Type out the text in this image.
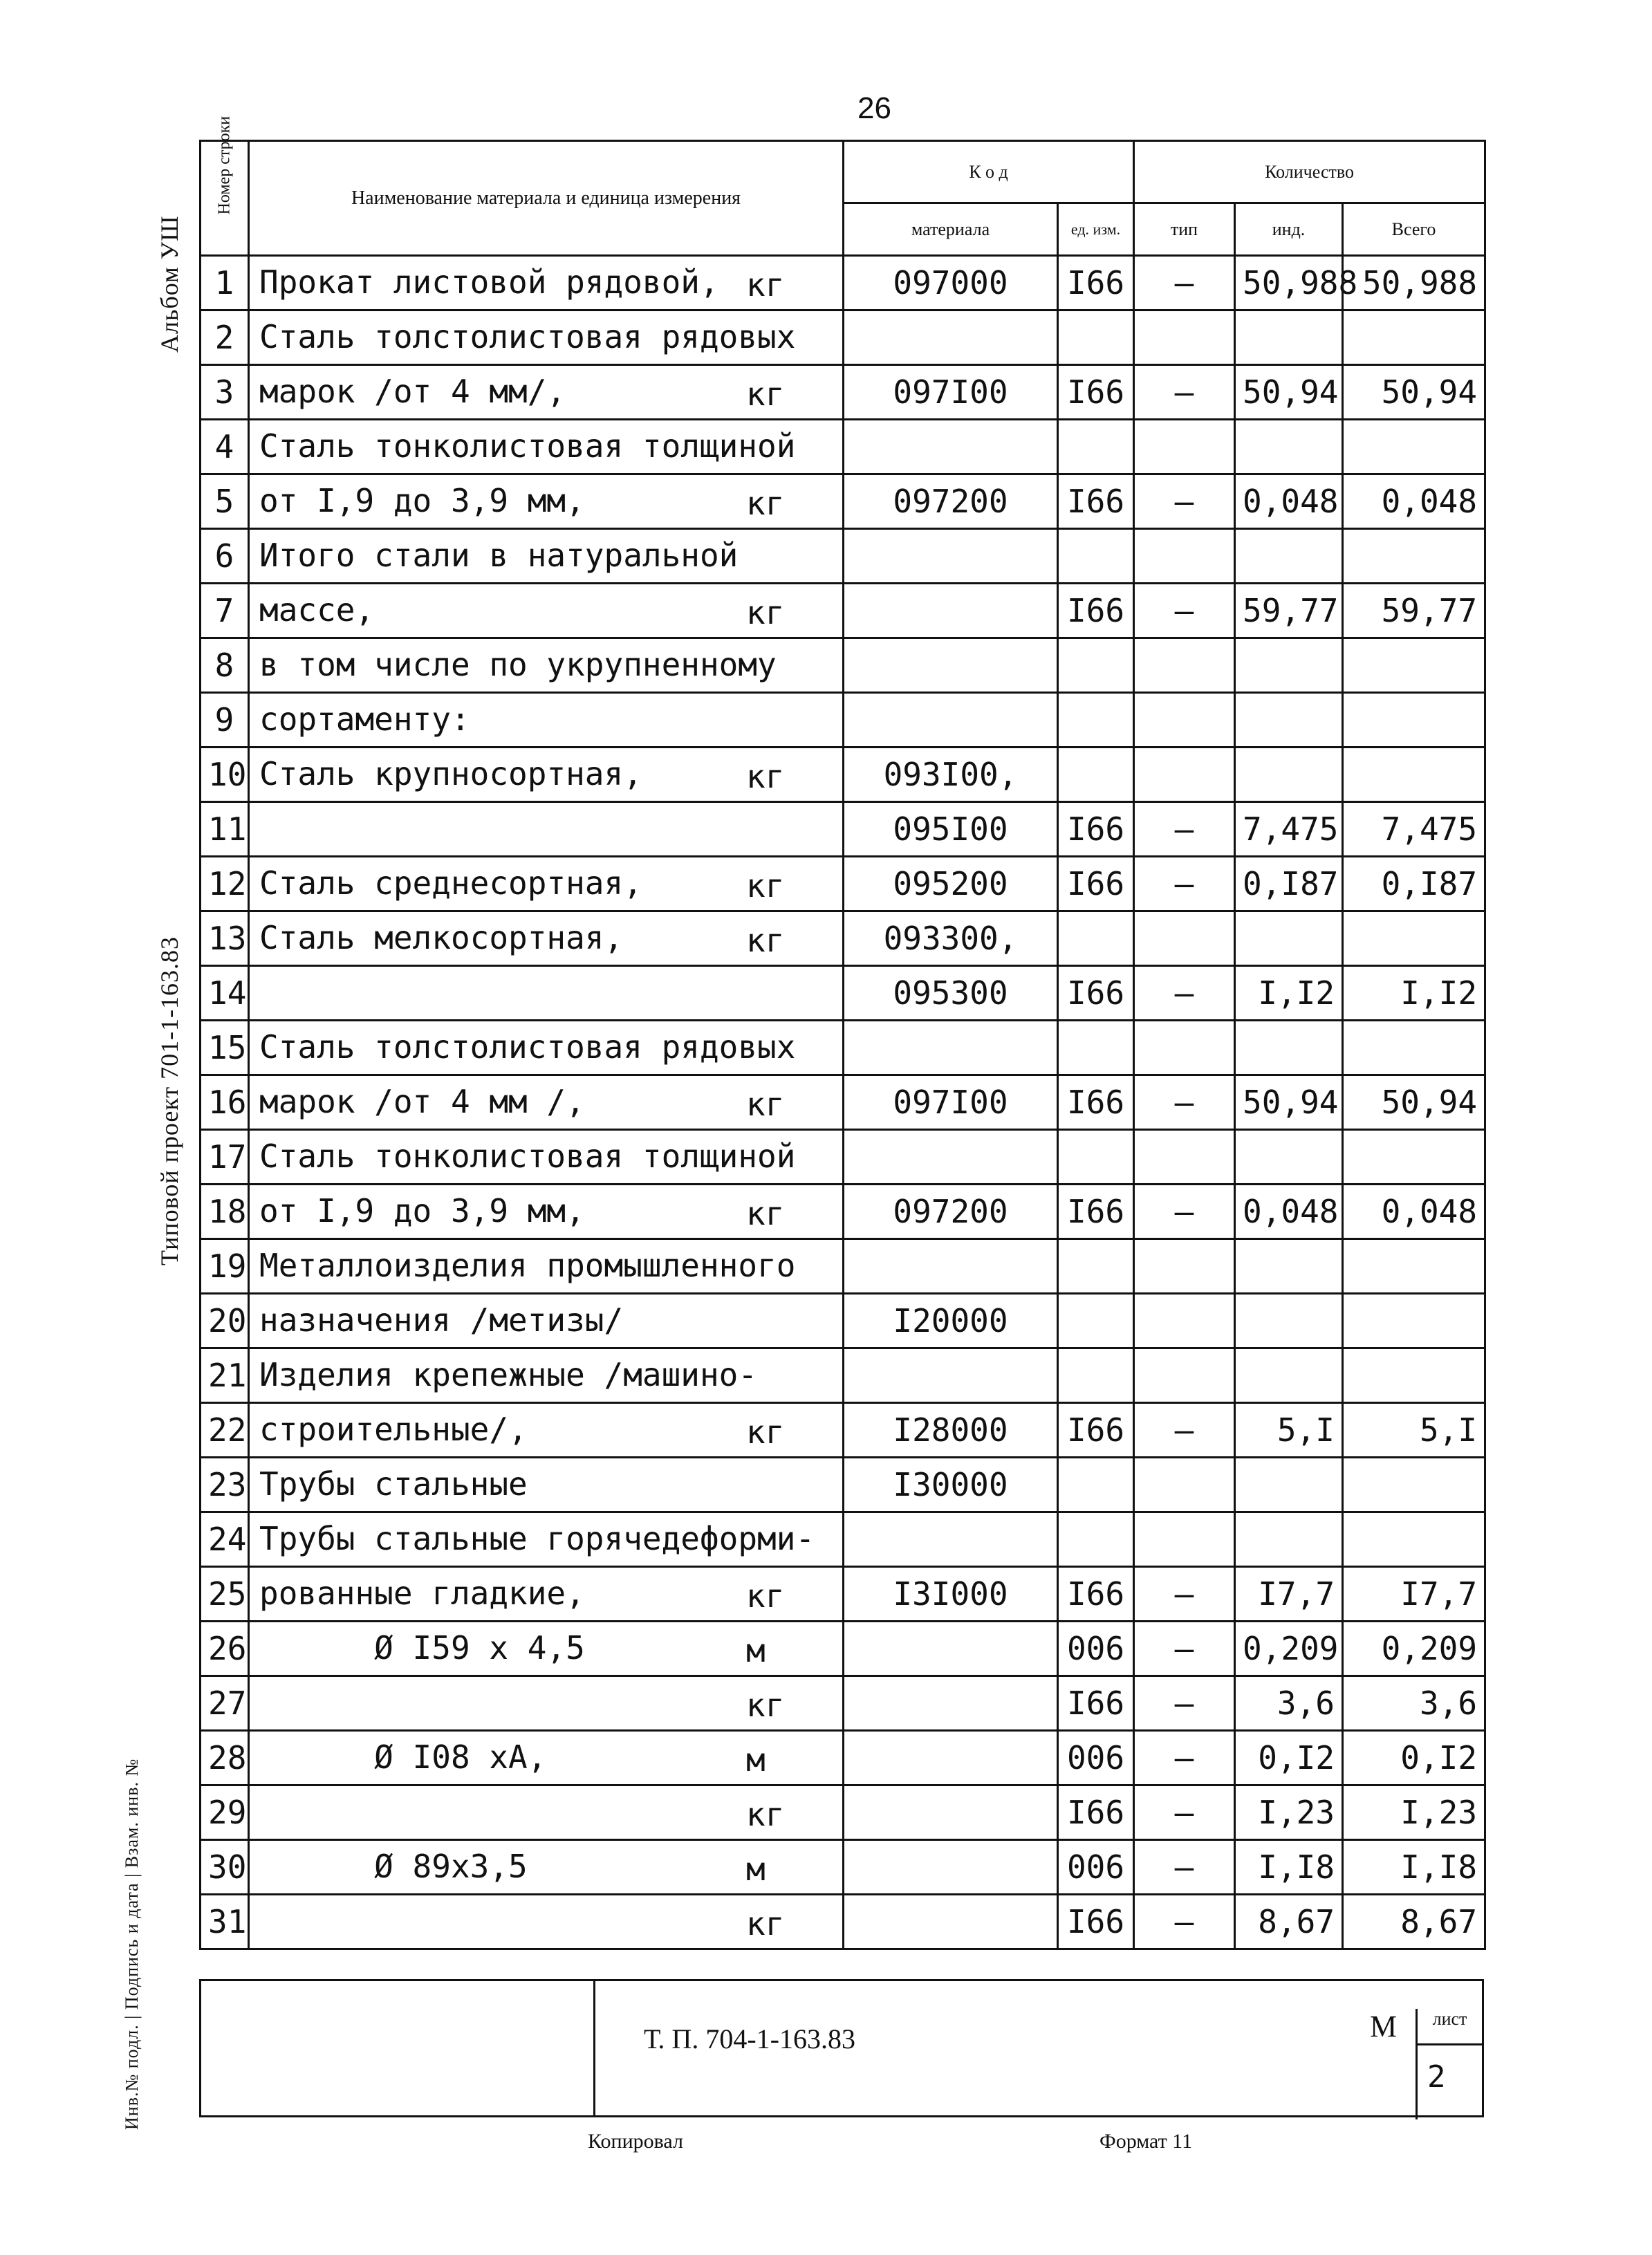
26
Альбом УШ
Типовой проект 701-1-163.83
Инв.№ подл. | Подпись и дата | Взам. инв. №
Номер строки	Наименование материала и единица измерения	К о д		Количество		
		материала	ед. изм.	тип	инд.	Всего
1	Прокат листовой рядовой, кг	097000	I66	–	50,988	50,988
2	Сталь толстолистовая рядовых					

3	марок /от 4 мм/, кг	097I00	I66	–	50,94	50,94
4	Сталь тонколистовая толщиной					

5	от I,9 до 3,9 мм, кг	097200	I66	–	0,048	0,048
6	Итого стали в натуральной					

7	массе, кг		I66	–	59,77	59,77
8	в том числе по укрупненному					

9	сортаменту:					

10	Сталь крупносортная, кг	093I00,				
11		095I00	I66	–	7,475	7,475
12	Сталь среднесортная, кг	095200	I66	–	0,I87	0,I87
13	Сталь мелкосортная, кг	093300,				
14		095300	I66	–	I,I2	I,I2
15	Сталь толстолистовая рядовых					

16	марок /от 4 мм /, кг	097I00	I66	–	50,94	50,94
17	Сталь тонколистовая толщиной					

18	от I,9 до 3,9 мм, кг	097200	I66	–	0,048	0,048
19	Металлоизделия промышленного					

20	назначения /метизы/	I20000				
21	Изделия крепежные /машино-					

22	строительные/, кг	I28000	I66	–	5,I	5,I
23	Трубы стальные	I30000				
24	Трубы стальные горячедеформи-					

25	рованные гладкие, кг	I3I000	I66	–	I7,7	I7,7
26	Ø I59 x 4,5 м		006	–	0,209	0,209
27	кг		I66	–	3,6	3,6
28	Ø I08 xA, м		006	–	0,I2	0,I2
29	кг		I66	–	I,23	I,23
30	Ø 89x3,5 м		006	–	I,I8	I,I8
31	кг		I66	–	8,67	8,67
Т. П. 704-1-163.83	М	лист
2
Копировал	Формат 11
